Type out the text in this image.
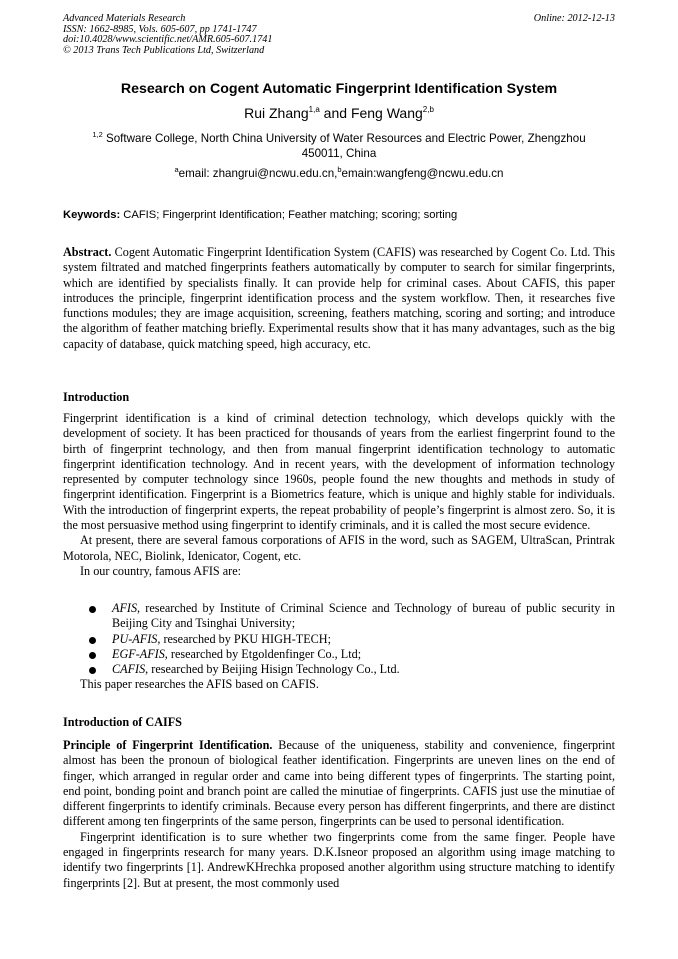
Advanced Materials Research
ISSN: 1662-8985, Vols. 605-607, pp 1741-1747
doi:10.4028/www.scientific.net/AMR.605-607.1741
© 2013 Trans Tech Publications Ltd, Switzerland
Online: 2012-12-13
Research on Cogent Automatic Fingerprint Identification System
Rui Zhang$^{1,a}$ and Feng Wang$^{2,b}$
$^{1,2}$ Software College, North China University of Water Resources and Electric Power, Zhengzhou
450011, China
$^a$email: zhangrui@ncwu.edu.cn,$^b$emain:wangfeng@ncwu.edu.cn
Keywords: CAFIS; Fingerprint Identification; Feather matching; scoring; sorting
Abstract. Cogent Automatic Fingerprint Identification System (CAFIS) was researched by Cogent Co. Ltd. This system filtrated and matched fingerprints feathers automatically by computer to search for similar fingerprints, which are identified by specialists finally. It can provide help for criminal cases. About CAFIS, this paper introduces the principle, fingerprint identification process and the system workflow. Then, it researches five functions modules; they are image acquisition, screening, feathers matching, scoring and sorting; and introduce the algorithm of feather matching briefly. Experimental results show that it has many advantages, such as the big capacity of database, quick matching speed, high accuracy, etc.
Introduction

Fingerprint identification is a kind of criminal detection technology, which develops quickly with the development of society. It has been practiced for thousands of years from the earliest fingerprint found to the birth of fingerprint technology, and then from manual fingerprint identification technology to automatic fingerprint identification technology. And in recent years, with the development of information technology represented by computer technology since 1960s, people found the new thoughts and methods in study of fingerprint identification. Fingerprint is a Biometrics feature, which is unique and highly stable for individuals. With the introduction of fingerprint experts, the repeat probability of people’s fingerprint is almost zero. So, it is the most persuasive method using fingerprint to identify criminals, and it is called the most secure evidence.

At present, there are several famous corporations of AFIS in the word, such as SAGEM, UltraScan, Printrak Motorola, NEC, Biolink, Idenicator, Cogent, etc.

In our country, famous AFIS are:

AFIS, researched by Institute of Criminal Science and Technology of bureau of public security in Beijing City and Tsinghai University;
PU-AFIS, researched by PKU HIGH-TECH;
EGF-AFIS, researched by Etgoldenfinger Co., Ltd;
CAFIS, researched by Beijing Hisign Technology Co., Ltd.

This paper researches the AFIS based on CAFIS.

Introduction of CAIFS

Principle of Fingerprint Identification. Because of the uniqueness, stability and convenience, fingerprint almost has been the pronoun of biological feather identification. Fingerprints are uneven lines on the end of finger, which arranged in regular order and came into being different types of fingerprints. The starting point, end point, bonding point and branch point are called the minutiae of fingerprints. CAFIS just use the minutiae of different fingerprints to identify criminals. Because every person has different fingerprints, and there are distinct different among ten fingerprints of the same person, fingerprints can be used to personal identification.

Fingerprint identification is to sure whether two fingerprints come from the same finger. People have engaged in fingerprints research for many years. D.K.Isneor proposed an algorithm using image matching to identify two fingerprints [1]. AndrewKHrechka proposed another algorithm using structure matching to identify fingerprints [2]. But at present, the most commonly used
